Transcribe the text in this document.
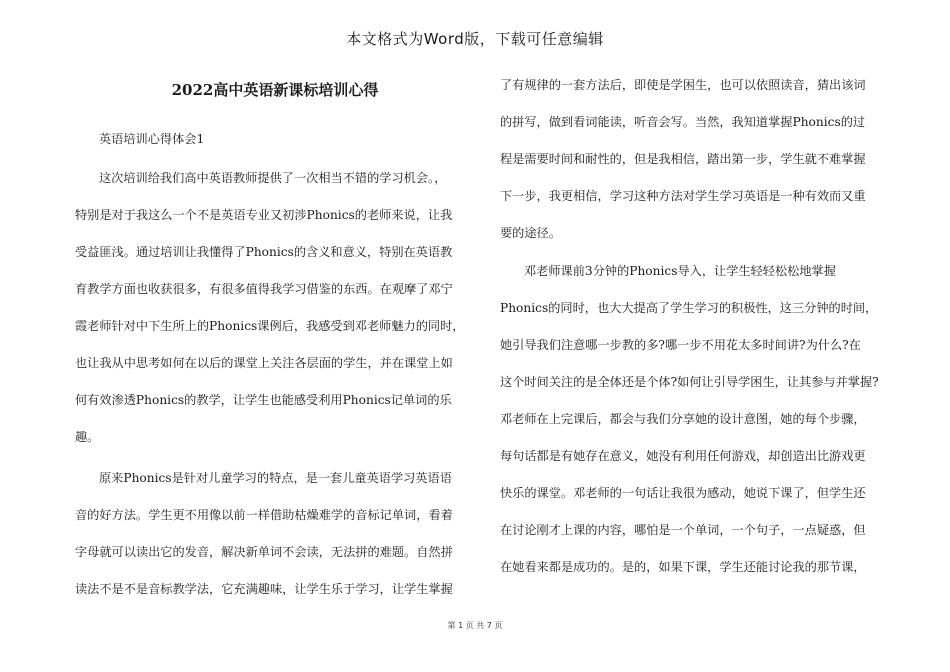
本文格式为Word版，下载可任意编辑
2022高中英语新课标培训心得
英语培训心得体会1
这次培训给我们高中英语教师提供了一次相当不错的学习机会。，
特别是对于我这么一个不是英语专业又初涉Phonics的老师来说，让我
受益匪浅。通过培训让我懂得了Phonics的含义和意义，特别在英语教
育教学方面也收获很多，有很多值得我学习借鉴的东西。在观摩了邓宁
霞老师针对中下生所上的Phonics课例后，我感受到邓老师魅力的同时，
也让我从中思考如何在以后的课堂上关注各层面的学生，并在课堂上如
何有效渗透Phonics的教学，让学生也能感受利用Phonics记单词的乐
趣。
原来Phonics是针对儿童学习的特点，是一套儿童英语学习英语语
音的好方法。学生更不用像以前一样借助枯燥难学的音标记单词，看着
字母就可以读出它的发音，解决新单词不会读，无法拼的难题。自然拼
读法不是不是音标教学法，它充满趣味，让学生乐于学习，让学生掌握
了有规律的一套方法后，即使是学困生，也可以依照读音，猜出该词
的拼写，做到看词能读，听音会写。当然，我知道掌握Phonics的过
程是需要时间和耐性的，但是我相信，踏出第一步，学生就不难掌握
下一步，我更相信，学习这种方法对学生学习英语是一种有效而又重
要的途径。
邓老师课前3分钟的Phonics导入，让学生轻轻松松地掌握
Phonics的同时，也大大提高了学生学习的积极性，这三分钟的时间，
她引导我们注意哪一步教的多?哪一步不用花太多时间讲?为什么?在
这个时间关注的是全体还是个体?如何让引导学困生，让其参与并掌握?
邓老师在上完课后，都会与我们分享她的设计意图，她的每个步骤，
每句话都是有她存在意义，她没有利用任何游戏，却创造出比游戏更
快乐的课堂。邓老师的一句话让我很为感动，她说下课了，但学生还
在讨论刚才上课的内容，哪怕是一个单词，一个句子，一点疑惑，但
在她看来都是成功的。是的，如果下课，学生还能讨论我的那节课，
第 1 页 共 7 页
